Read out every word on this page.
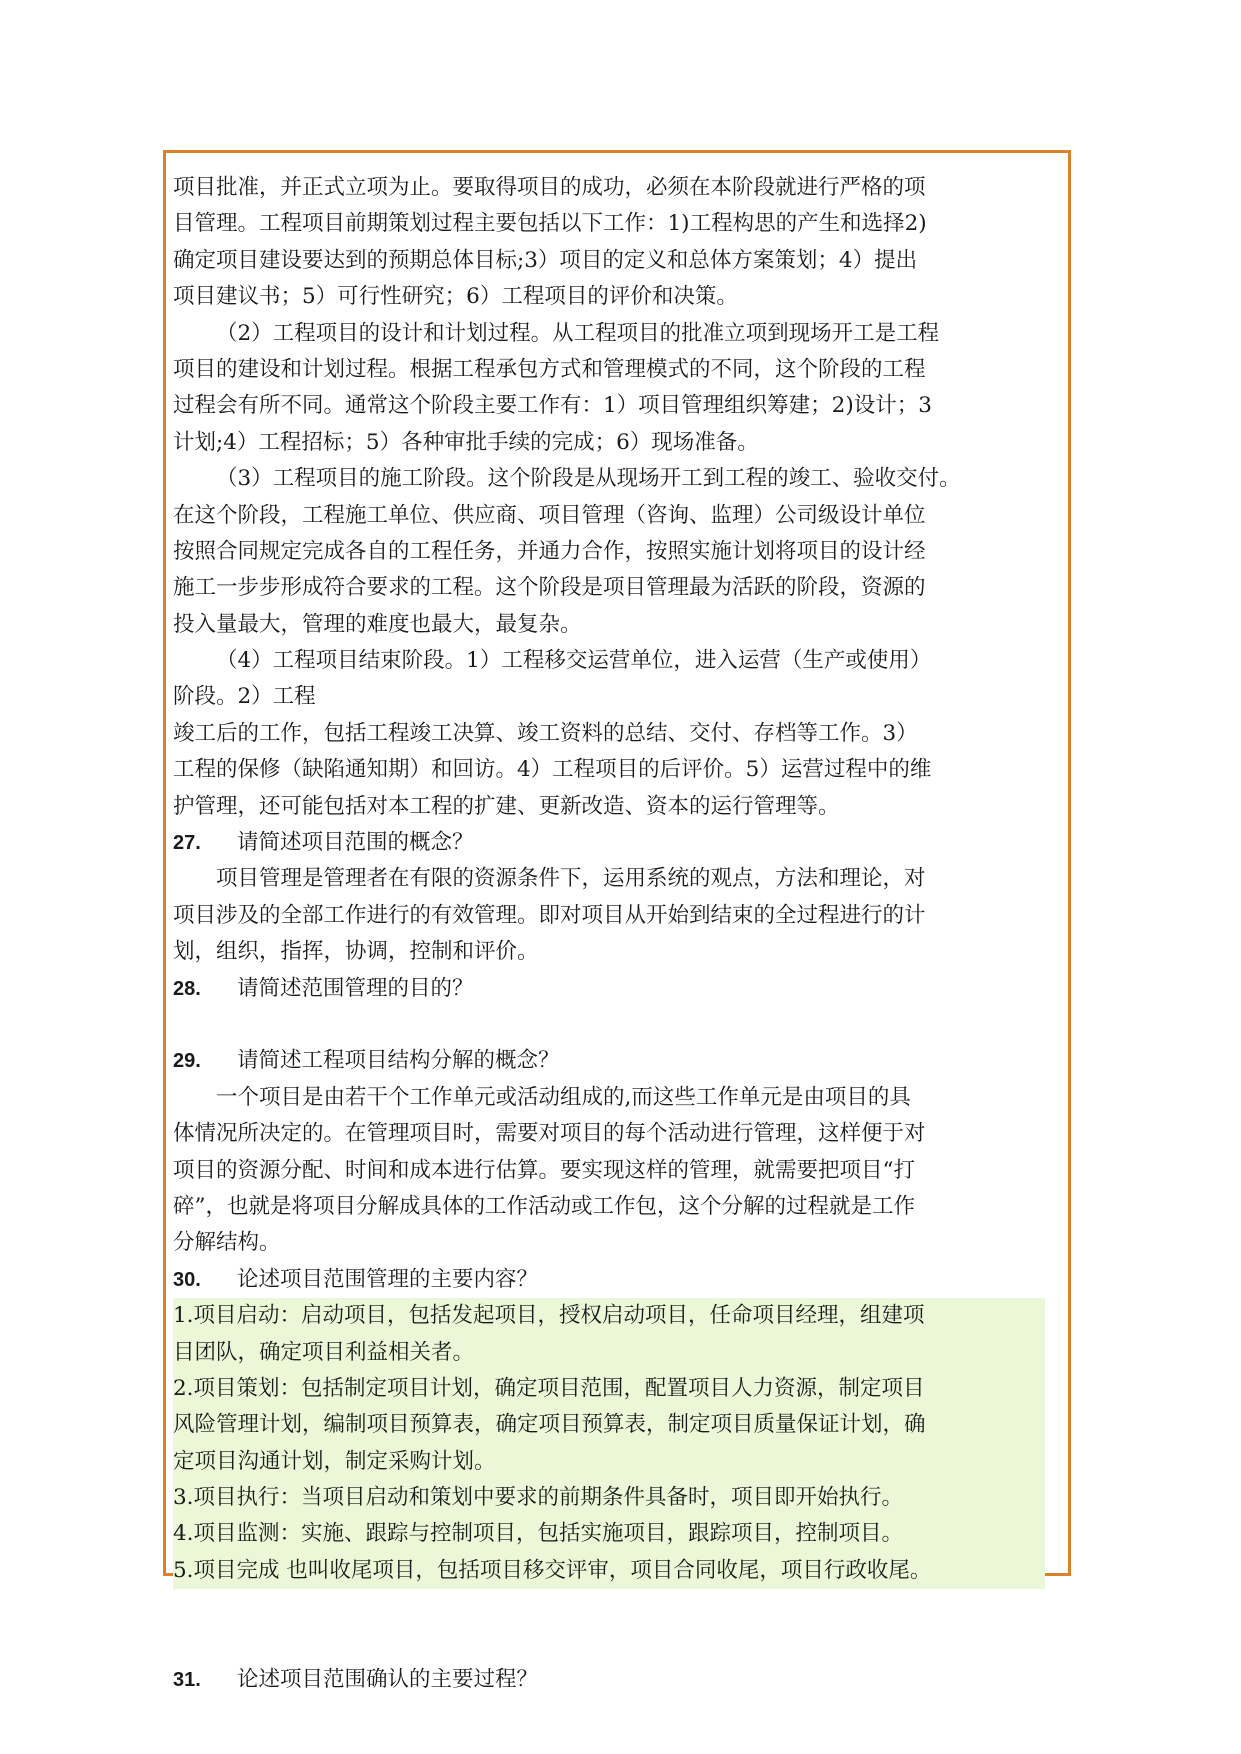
项目批准，并正式立项为止。要取得项目的成功，必须在本阶段就进行严格的项
目管理。工程项目前期策划过程主要包括以下工作：1)工程构思的产生和选择2)
确定项目建设要达到的预期总体目标;3）项目的定义和总体方案策划；4）提出
项目建议书；5）可行性研究；6）工程项目的评价和决策。
（2）工程项目的设计和计划过程。从工程项目的批准立项到现场开工是工程
项目的建设和计划过程。根据工程承包方式和管理模式的不同，这个阶段的工程
过程会有所不同。通常这个阶段主要工作有：1）项目管理组织筹建；2)设计；3
计划;4）工程招标；5）各种审批手续的完成；6）现场准备。
（3）工程项目的施工阶段。这个阶段是从现场开工到工程的竣工、验收交付。
在这个阶段，工程施工单位、供应商、项目管理（咨询、监理）公司级设计单位
按照合同规定完成各自的工程任务，并通力合作，按照实施计划将项目的设计经
施工一步步形成符合要求的工程。这个阶段是项目管理最为活跃的阶段，资源的
投入量最大，管理的难度也最大，最复杂。
（4）工程项目结束阶段。1）工程移交运营单位，进入运营（生产或使用）
阶段。2）工程
竣工后的工作，包括工程竣工决算、竣工资料的总结、交付、存档等工作。3）
工程的保修（缺陷通知期）和回访。4）工程项目的后评价。5）运营过程中的维
护管理，还可能包括对本工程的扩建、更新改造、资本的运行管理等。
27. 请简述项目范围的概念？
项目管理是管理者在有限的资源条件下，运用系统的观点，方法和理论，对
项目涉及的全部工作进行的有效管理。即对项目从开始到结束的全过程进行的计
划，组织，指挥，协调，控制和评价。
28. 请简述范围管理的目的？
29. 请简述工程项目结构分解的概念？
一个项目是由若干个工作单元或活动组成的,而这些工作单元是由项目的具
体情况所决定的。在管理项目时，需要对项目的每个活动进行管理，这样便于对
项目的资源分配、时间和成本进行估算。要实现这样的管理，就需要把项目“打
碎”，也就是将项目分解成具体的工作活动或工作包，这个分解的过程就是工作
分解结构。
30. 论述项目范围管理的主要内容？
1.项目启动：启动项目，包括发起项目，授权启动项目，任命项目经理，组建项
目团队，确定项目利益相关者。
2.项目策划：包括制定项目计划，确定项目范围，配置项目人力资源，制定项目
风险管理计划，编制项目预算表，确定项目预算表，制定项目质量保证计划，确
定项目沟通计划，制定采购计划。
3.项目执行：当项目启动和策划中要求的前期条件具备时，项目即开始执行。
4.项目监测：实施、跟踪与控制项目，包括实施项目，跟踪项目，控制项目。
5.项目完成 也叫收尾项目，包括项目移交评审，项目合同收尾，项目行政收尾。
31. 论述项目范围确认的主要过程？
